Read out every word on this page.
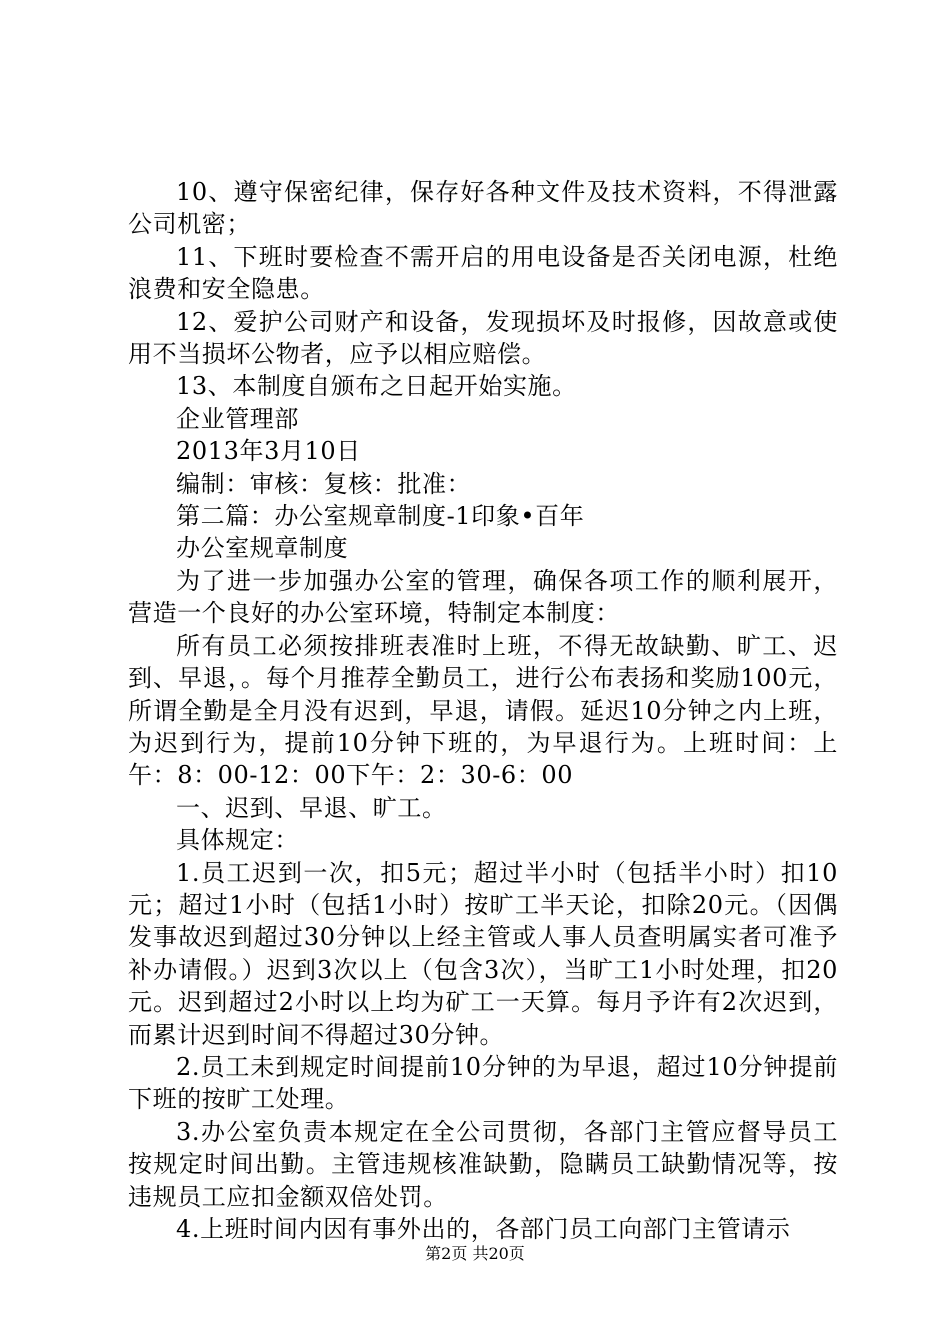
10、遵守保密纪律，保存好各种文件及技术资料，不得泄露公司机密；

11、下班时要检查不需开启的用电设备是否关闭电源，杜绝浪费和安全隐患。

12、爱护公司财产和设备，发现损坏及时报修，因故意或使用不当损坏公物者，应予以相应赔偿。

13、本制度自颁布之日起开始实施。

企业管理部

2013年3月10日

编制：审核：复核：批准：

第二篇：办公室规章制度-1印象•百年

办公室规章制度

为了进一步加强办公室的管理，确保各项工作的顺利展开，营造一个良好的办公室环境，特制定本制度：

所有员工必须按排班表准时上班，不得无故缺勤、旷工、迟到、早退，。每个月推荐全勤员工，进行公布表扬和奖励100元，所谓全勤是全月没有迟到，早退，请假。延迟10分钟之内上班，为迟到行为，提前10分钟下班的，为早退行为。上班时间：上午：8：00-12：00下午：2：30-6：00

一、迟到、早退、旷工。

具体规定：

1.员工迟到一次，扣5元；超过半小时（包括半小时）扣10元；超过1小时（包括1小时）按旷工半天论，扣除20元。（因偶发事故迟到超过30分钟以上经主管或人事人员查明属实者可准予补办请假。）迟到3次以上（包含3次），当旷工1小时处理，扣20元。迟到超过2小时以上均为矿工一天算。每月予许有2次迟到，而累计迟到时间不得超过30分钟。

2.员工未到规定时间提前10分钟的为早退，超过10分钟提前下班的按旷工处理。

3.办公室负责本规定在全公司贯彻，各部门主管应督导员工按规定时间出勤。主管违规核准缺勤，隐瞒员工缺勤情况等，按违规员工应扣金额双倍处罚。

4.上班时间内因有事外出的，各部门员工向部门主管请示

第2页 共20页
